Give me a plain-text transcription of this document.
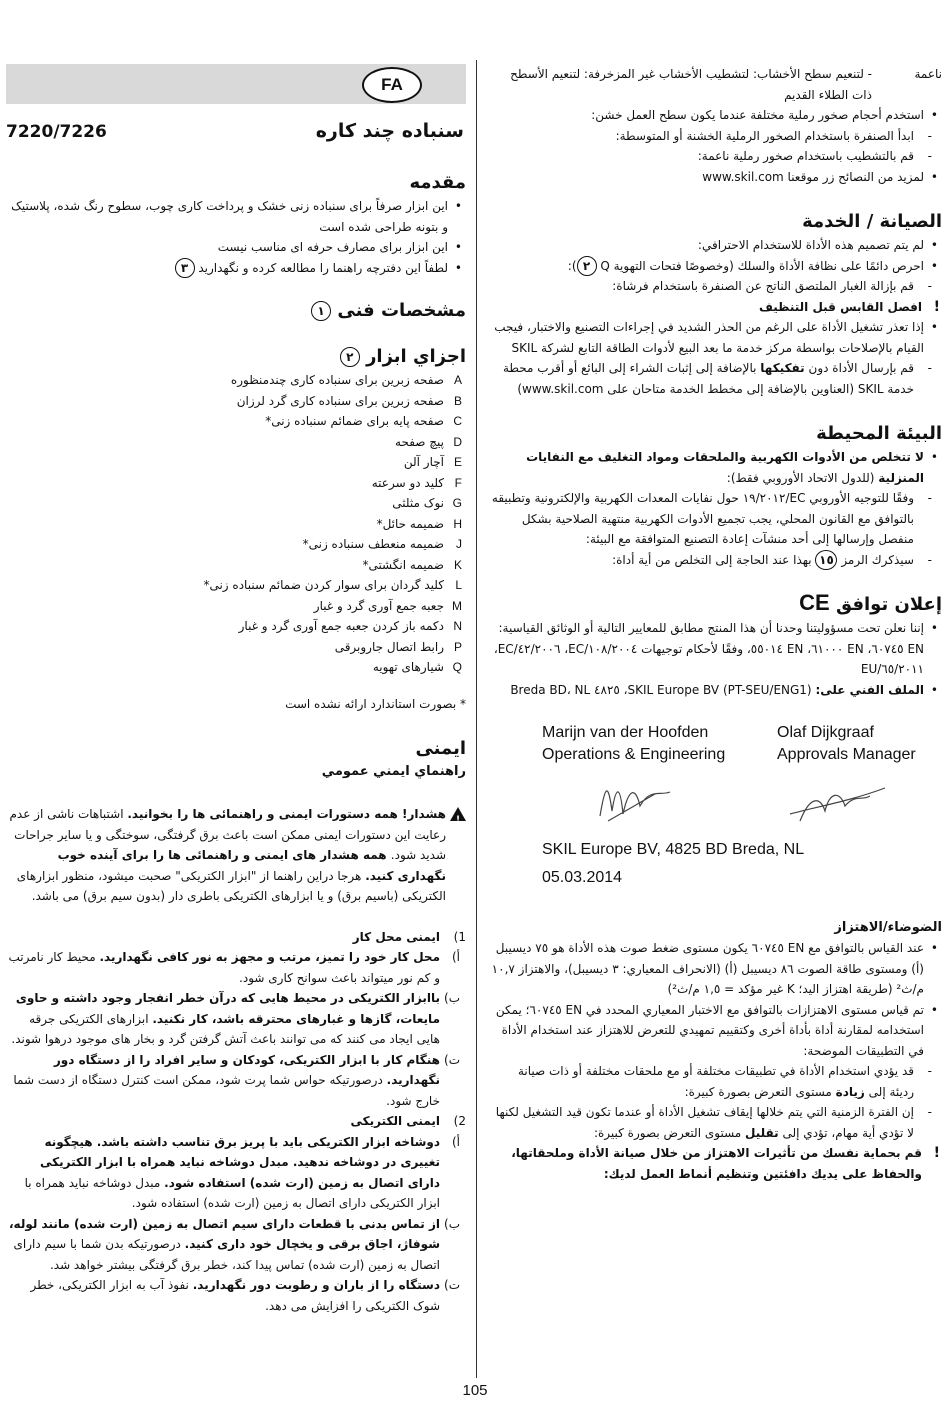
FA
7220/7226	سنباده چند کاره
مقدمه
• این ابزار صرفاً برای سنباده زنی خشک و پرداخت کاری چوب، سطوح رنگ شده، پلاستیک و بتونه طراحی شده است
• این ابزار برای مصارف حرفه ای مناسب نیست
• لطفاً این دفترچه راهنما را مطالعه کرده و نگهدارید ٣
مشخصات فنی ١
اجزاي ابزار ٢
A
صفحه زبرین برای سنباده کاری چندمنظوره
B
صفحه زبرین برای سنباده کاری گرد لرزان
C
صفحه پایه برای ضمائم سنباده زنی*
D
پیچ صفحه
E
آچار آلن
F
کلید دو سرعته
G
نوک مثلثی
H
ضمیمه حائل*
J
ضمیمه منعطف سنباده زنی*
K
ضمیمه انگشتی*
L
کلید گردان برای سوار کردن ضمائم سنباده زنی*
M
جعبه جمع آوری گرد و غبار
N
دکمه باز کردن جعبه جمع آوری گرد و غبار
P
رابط اتصال جاروبرقی
Q
شیارهای تهویه
* بصورت استاندارد ارائه نشده است
ایمنی
راهنماي ایمني عمومي
!
هشدار! همه دستورات ایمنی و راهنمائی ها را بخوانید. اشتباهات ناشی از عدم رعایت این دستورات ایمنی ممکن است باعث برق گرفتگی، سوختگی و یا سایر جراحات شدید شود. همه هشدار های ایمنی و راهنمائی ها را برای آینده خوب نگهداری کنید. هرجا دراین راهنما از "ابزار الکتریکی" صحبت میشود، منظور ابزارهای الکتریکی (باسیم برق) و یا ابزارهای الکتریکی باطری دار (بدون سیم برق) می باشد.
1)
ایمنی محل کار
أ)
محل کار خود را تمیز، مرتب و مجهز به نور کافی نگهدارید. محیط کار نامرتب و کم نور میتواند باعث سوانح کاری شود.
ب)
باابزار الکتریکی در محیط هایی که درآن خطر انفجار وجود داشته و حاوی مایعات، گازها و غبارهای محترقه باشد، کار نکنید. ابزارهای الکتریکی جرقه هایی ایجاد می کنند که می توانند باعث آتش گرفتن گرد و بخار های موجود درهوا شوند.
ت)
هنگام کار با ابزار الکتریکی، کودکان و سایر افراد را از دستگاه دور نگهدارید. درصورتیکه حواس شما پرت شود، ممکن است کنترل دستگاه از دست شما خارج شود.
2)
ایمنی الکتریکی
أ)
دوشاخه ابزار الکتریکی باید با پریز برق تناسب داشته باشد. هیچگونه تغییری در دوشاخه ندهید. مبدل دوشاخه نباید همراه با ابزار الکتریکی دارای اتصال به زمین (ارت شده) استفاده شود. مبدل دوشاخه نباید همراه با ابزار الکتریکی دارای اتصال به زمین (ارت شده) استفاده شود.
ب)
از تماس بدنی با قطعات دارای سیم اتصال به زمین (ارت شده) مانند لوله، شوفاژ، اجاق برقی و یخچال خود داری کنید. درصورتیکه بدن شما با سیم دارای اتصال به زمین (ارت شده) تماس پیدا کند، خطر برق گرفتگی بیشتر خواهد شد.
ت)
دستگاه را از باران و رطوبت دور نگهدارید. نفوذ آب به ابزار الکتریکی، خطر شوک الکتریکی را افزایش می دهد.
ناعمة
- لتنعيم سطح الأخشاب: لتشطيب الأخشاب غير المزخرفة: لتنعيم الأسطح ذات الطلاء القديم
• استخدم أحجام صخور رملية مختلفة عندما يكون سطح العمل خشن:
- ابدأ الصنفرة باستخدام الصخور الرملية الخشنة أو المتوسطة:
- قم بالتشطيب باستخدام صخور رملية ناعمة:
• لمزيد من النصائح زر موقعنا www.skil.com
الصيانة / الخدمة
• لم يتم تصميم هذه الأداة للاستخدام الاحترافي:
• احرص دائمًا على نظافة الأداة والسلك (وخصوصًا فتحات التهوية Q ٢):
- قم بإزالة الغبار الملتصق الناتج عن الصنفرة باستخدام فرشاة:
! افصل القابس قبل التنظيف
• إذا تعذر تشغيل الأداة على الرغم من الحذر الشديد في إجراءات التصنيع والاختبار، فيجب القيام بالإصلاحات بواسطة مركز خدمة ما بعد البيع لأدوات الطاقة التابع لشركة SKIL
- قم بإرسال الأداة دون تفكيكها بالإضافة إلى إثبات الشراء إلى البائع أو أقرب محطة خدمة SKIL (العناوين بالإضافة إلى مخطط الخدمة متاحان على www.skil.com)
البيئة المحيطة
• لا تتخلص من الأدوات الكهربية والملحقات ومواد التغليف مع النفايات المنزلية (للدول الاتحاد الأوروبي فقط):
- وفقًا للتوجيه الأوروبي EC/١٩/٢٠١٢ حول نفايات المعدات الكهربية والإلكترونية وتطبيقه بالتوافق مع القانون المحلي، يجب تجميع الأدوات الكهربية منتهية الصلاحية بشكل منفصل وإرسالها إلى أحد منشآت إعادة التصنيع المتوافقة مع البيئة:
- سيذكرك الرمز ١٥ بهذا عند الحاجة إلى التخلص من أية أداة:
إعلان توافق CE
• إننا نعلن تحت مسؤوليتنا وحدنا أن هذا المنتج مطابق للمعايير التالية أو الوثائق القياسية: EN ٦٠٧٤٥، EN ٦١٠٠٠، EN ٥٥٠١٤، وفقًا لأحكام توجيهات ١٠٨/٢٠٠٤/EC، ٤٢/٢٠٠٦/EC، ٦٥/٢٠١١/EU
• الملف الفني على: SKIL Europe BV (PT-SEU/ENG1)، ٤٨٢٥ Breda BD، NL
Marijn van der Hoofden
Operations & Engineering
Olaf Dijkgraaf
Approvals Manager
SKIL Europe BV, 4825 BD Breda, NL
05.03.2014
الضوضاء/الاهتزاز
• عند القياس بالتوافق مع EN ٦٠٧٤٥ يكون مستوى ضغط صوت هذه الأداة هو ٧٥ ديسيبل (أ) ومستوى طاقة الصوت ٨٦ ديسيبل (أ) (الانحراف المعياري: ٣ ديسيبل)، والاهتزاز ١٠,٧ م/ث² (طريقة اهتزاز اليد؛ K غير مؤكد = ١,٥ م/ث²)
• تم قياس مستوى الاهتزازات بالتوافق مع الاختبار المعياري المحدد في EN ٦٠٧٤٥؛ يمكن استخدامه لمقارنة أداة بأداة أخرى وكتقييم تمهيدي للتعرض للاهتزاز عند استخدام الأداة في التطبيقات الموضحة:
- قد يؤدي استخدام الأداة في تطبيقات مختلفة أو مع ملحقات مختلفة أو ذات صيانة رديئة إلى زيادة مستوى التعرض بصورة كبيرة:
- إن الفترة الزمنية التي يتم خلالها إيقاف تشغيل الأداة أو عندما تكون قيد التشغيل لكنها لا تؤدي أية مهام، تؤدي إلى تقليل مستوى التعرض بصورة كبيرة:
! قم بحماية نفسك من تأثيرات الاهتزاز من خلال صيانة الأداة وملحقاتها، والحفاظ على يديك دافئتين وتنظيم أنماط العمل لديك:
105
